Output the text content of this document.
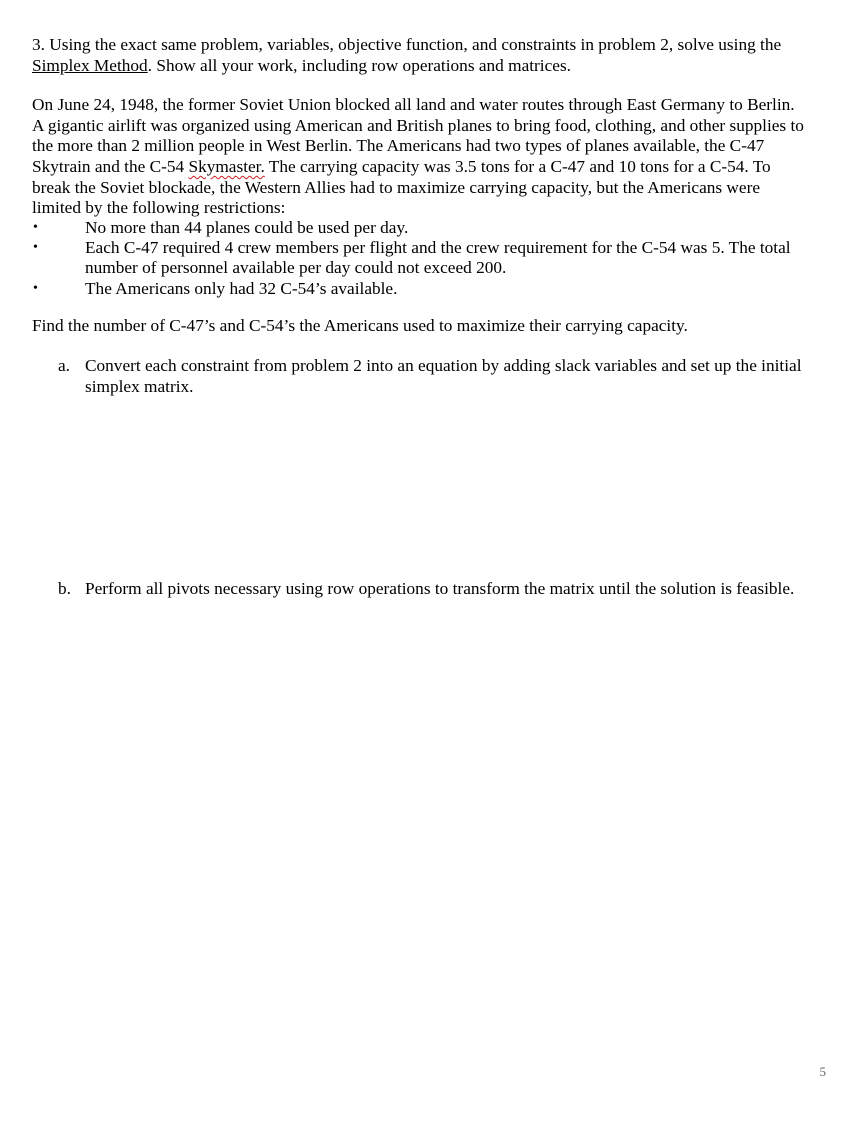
3. Using the exact same problem, variables, objective function, and constraints in problem 2, solve using the
Simplex Method. Show all your work, including row operations and matrices.
On June 24, 1948, the former Soviet Union blocked all land and water routes through East Germany to Berlin.
A gigantic airlift was organized using American and British planes to bring food, clothing, and other supplies to
the more than 2 million people in West Berlin. The Americans had two types of planes available, the C-47
Skytrain and the C-54 Skymaster. The carrying capacity was 3.5 tons for a C-47 and 10 tons for a C-54. To
break the Soviet blockade, the Western Allies had to maximize carrying capacity, but the Americans were
limited by the following restrictions:
•	No more than 44 planes could be used per day.
•	Each C-47 required 4 crew members per flight and the crew requirement for the C-54 was 5. The total
number of personnel available per day could not exceed 200.
•	The Americans only had 32 C-54’s available.
Find the number of C-47’s and C-54’s the Americans used to maximize their carrying capacity.
a. Convert each constraint from problem 2 into an equation by adding slack variables and set up the initial
simplex matrix.
b. Perform all pivots necessary using row operations to transform the matrix until the solution is feasible.
5
